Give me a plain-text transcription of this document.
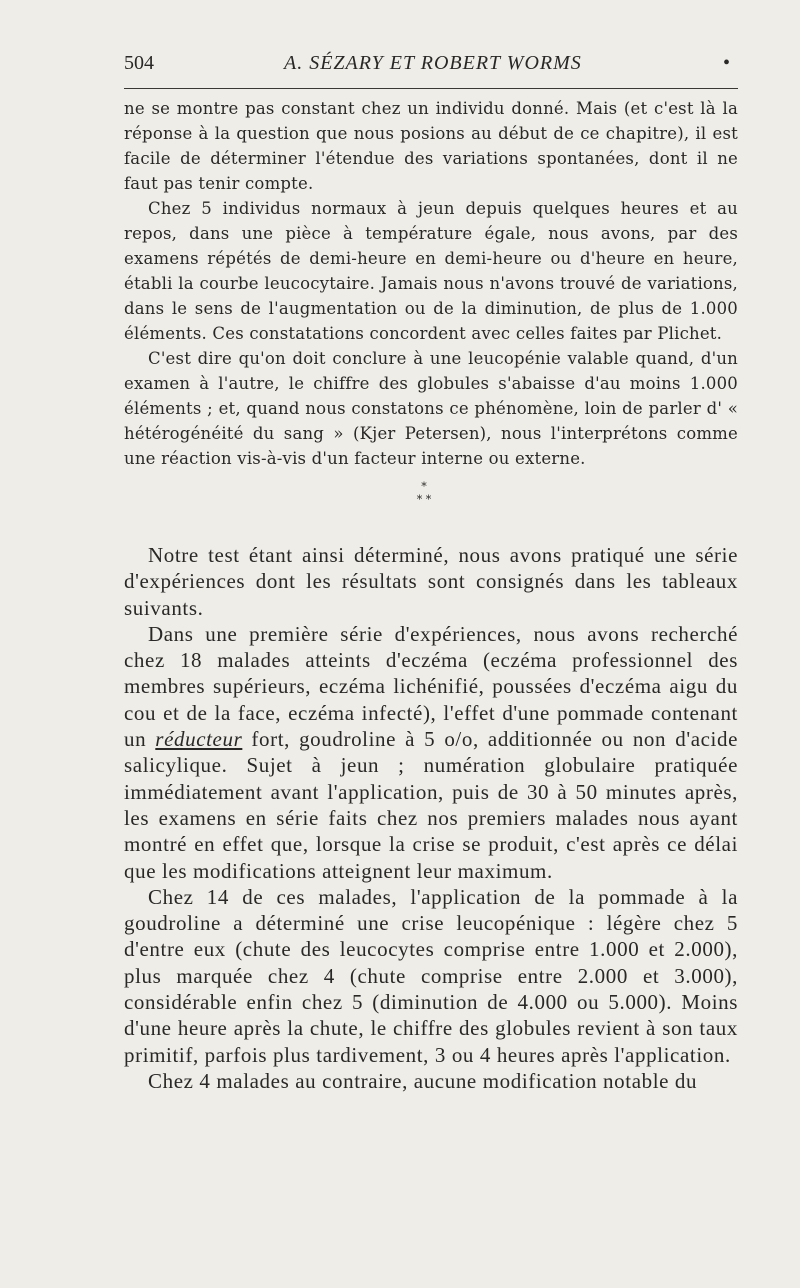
504	A. SÉZARY ET ROBERT WORMS	•

ne se montre pas constant chez un individu donné. Mais (et c'est là la réponse à la question que nous posions au début de ce chapitre), il est facile de déterminer l'étendue des variations spontanées, dont il ne faut pas tenir compte.

Chez 5 individus normaux à jeun depuis quelques heures et au repos, dans une pièce à température égale, nous avons, par des examens répétés de demi-heure en demi-heure ou d'heure en heure, établi la courbe leucocytaire. Jamais nous n'avons trouvé de variations, dans le sens de l'augmentation ou de la diminution, de plus de 1.000 éléments. Ces constatations concordent avec celles faites par Plichet.

C'est dire qu'on doit conclure à une leucopénie valable quand, d'un examen à l'autre, le chiffre des globules s'abaisse d'au moins 1.000 éléments ; et, quand nous constatons ce phénomène, loin de parler d' « hétérogénéité du sang » (Kjer Petersen), nous l'interprétons comme une réaction vis-à-vis d'un facteur interne ou externe.

*
* *

Notre test étant ainsi déterminé, nous avons pratiqué une série d'expériences dont les résultats sont consignés dans les tableaux suivants.

Dans une première série d'expériences, nous avons recherché chez 18 malades atteints d'eczéma (eczéma professionnel des membres supérieurs, eczéma lichénifié, poussées d'eczéma aigu du cou et de la face, eczéma infecté), l'effet d'une pommade contenant un réducteur fort, goudroline à 5 o/o, additionnée ou non d'acide salicylique. Sujet à jeun ; numération globulaire pratiquée immédiatement avant l'application, puis de 30 à 50 minutes après, les examens en série faits chez nos premiers malades nous ayant montré en effet que, lorsque la crise se produit, c'est après ce délai que les modifications atteignent leur maximum.

Chez 14 de ces malades, l'application de la pommade à la goudroline a déterminé une crise leucopénique : légère chez 5 d'entre eux (chute des leucocytes comprise entre 1.000 et 2.000), plus marquée chez 4 (chute comprise entre 2.000 et 3.000), considérable enfin chez 5 (diminution de 4.000 ou 5.000). Moins d'une heure après la chute, le chiffre des globules revient à son taux primitif, parfois plus tardivement, 3 ou 4 heures après l'application.

Chez 4 malades au contraire, aucune modification notable du
